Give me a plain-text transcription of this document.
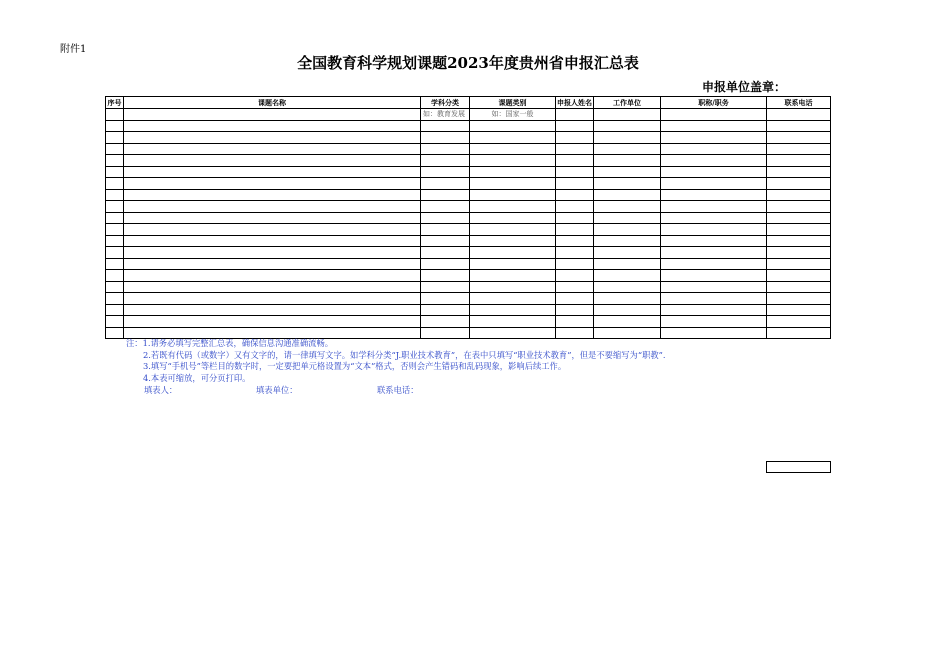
附件1
全国教育科学规划课题2023年度贵州省申报汇总表
申报单位盖章：
序号	课题名称	学科分类	课题类别	申报人姓名	工作单位	职称/职务	联系电话
		如：教育发展	如：国家一般				

注：1.请务必填写完整汇总表，确保信息沟通准确流畅。
2.若既有代码（或数字）又有文字的，请一律填写文字。如学科分类“J.职业技术教育”，在表中只填写“职业技术教育”，但是不要缩写为“职教”.
3.填写“手机号”等栏目的数字时，一定要把单元格设置为“文本”格式，否则会产生错码和乱码现象，影响后续工作。
4.本表可缩放，可分页打印。
填表人：	填表单位：	联系电话：
